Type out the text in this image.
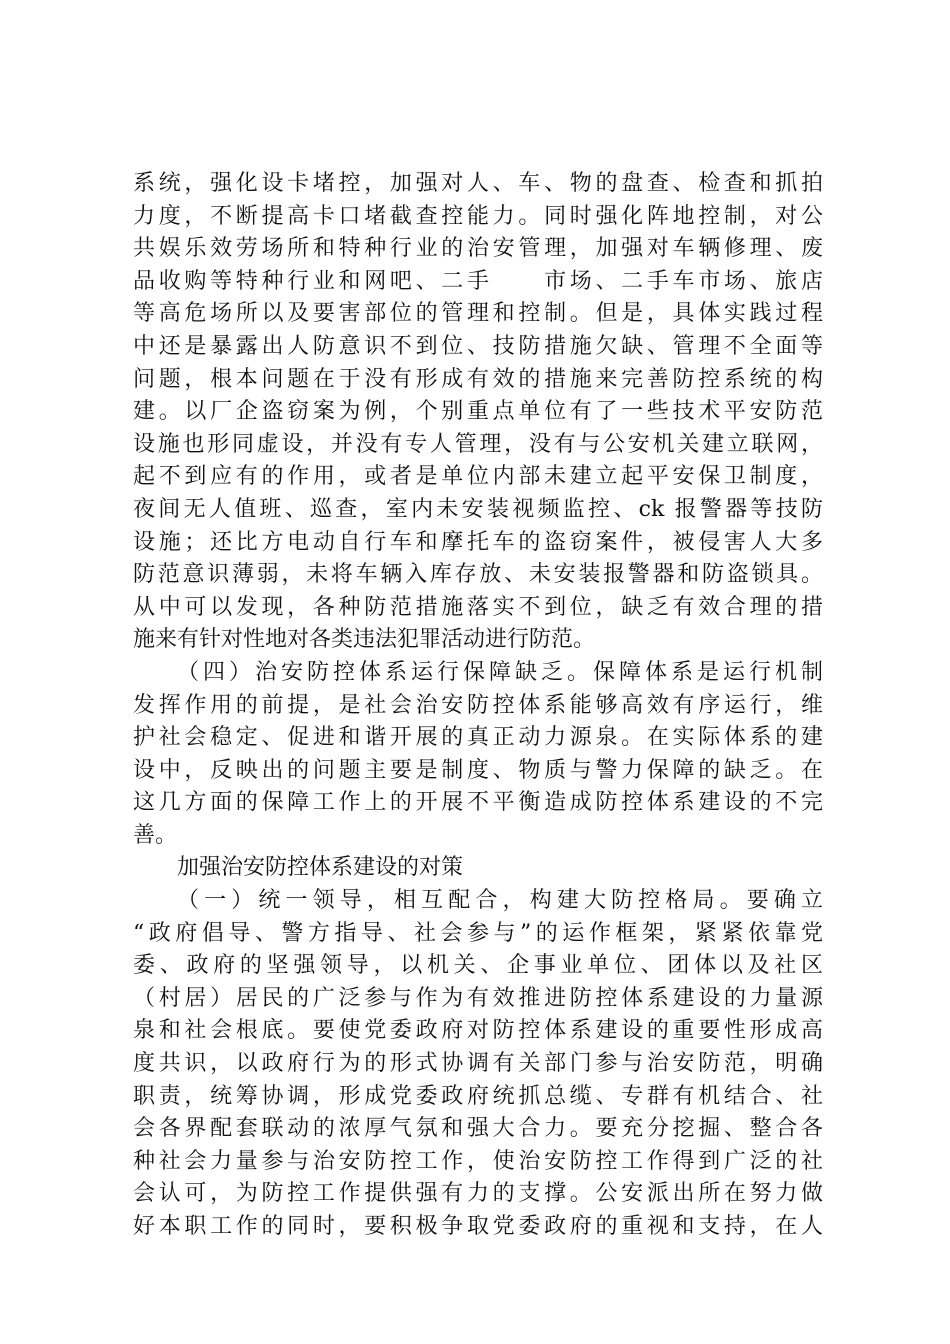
系统，强化设卡堵控，加强对人、车、物的盘查、检查和抓拍
力度，不断提高卡口堵截查控能力。同时强化阵地控制，对公
共娱乐效劳场所和特种行业的治安管理，加强对车辆修理、废
品收购等特种行业和网吧、二手　　市场、二手车市场、旅店
等高危场所以及要害部位的管理和控制。但是，具体实践过程
中还是暴露出人防意识不到位、技防措施欠缺、管理不全面等
问题，根本问题在于没有形成有效的措施来完善防控系统的构
建。以厂企盗窃案为例，个别重点单位有了一些技术平安防范
设施也形同虚设，并没有专人管理，没有与公安机关建立联网，
起不到应有的作用，或者是单位内部未建立起平安保卫制度，
夜间无人值班、巡查，室内未安装视频监控、ck 报警器等技防
设施；还比方电动自行车和摩托车的盗窃案件，被侵害人大多
防范意识薄弱，未将车辆入库存放、未安装报警器和防盗锁具。
从中可以发现，各种防范措施落实不到位，缺乏有效合理的措
施来有针对性地对各类违法犯罪活动进行防范。
（四）治安防控体系运行保障缺乏。保障体系是运行机制
发挥作用的前提，是社会治安防控体系能够高效有序运行，维
护社会稳定、促进和谐开展的真正动力源泉。在实际体系的建
设中，反映出的问题主要是制度、物质与警力保障的缺乏。在
这几方面的保障工作上的开展不平衡造成防控体系建设的不完
善。
加强治安防控体系建设的对策
（一）统一领导，相互配合，构建大防控格局。要确立
“政府倡导、警方指导、社会参与”的运作框架，紧紧依靠党
委、政府的坚强领导，以机关、企事业单位、团体以及社区
（村居）居民的广泛参与作为有效推进防控体系建设的力量源
泉和社会根底。要使党委政府对防控体系建设的重要性形成高
度共识，以政府行为的形式协调有关部门参与治安防范，明确
职责，统筹协调，形成党委政府统抓总缆、专群有机结合、社
会各界配套联动的浓厚气氛和强大合力。要充分挖掘、整合各
种社会力量参与治安防控工作，使治安防控工作得到广泛的社
会认可，为防控工作提供强有力的支撑。公安派出所在努力做
好本职工作的同时，要积极争取党委政府的重视和支持，在人
